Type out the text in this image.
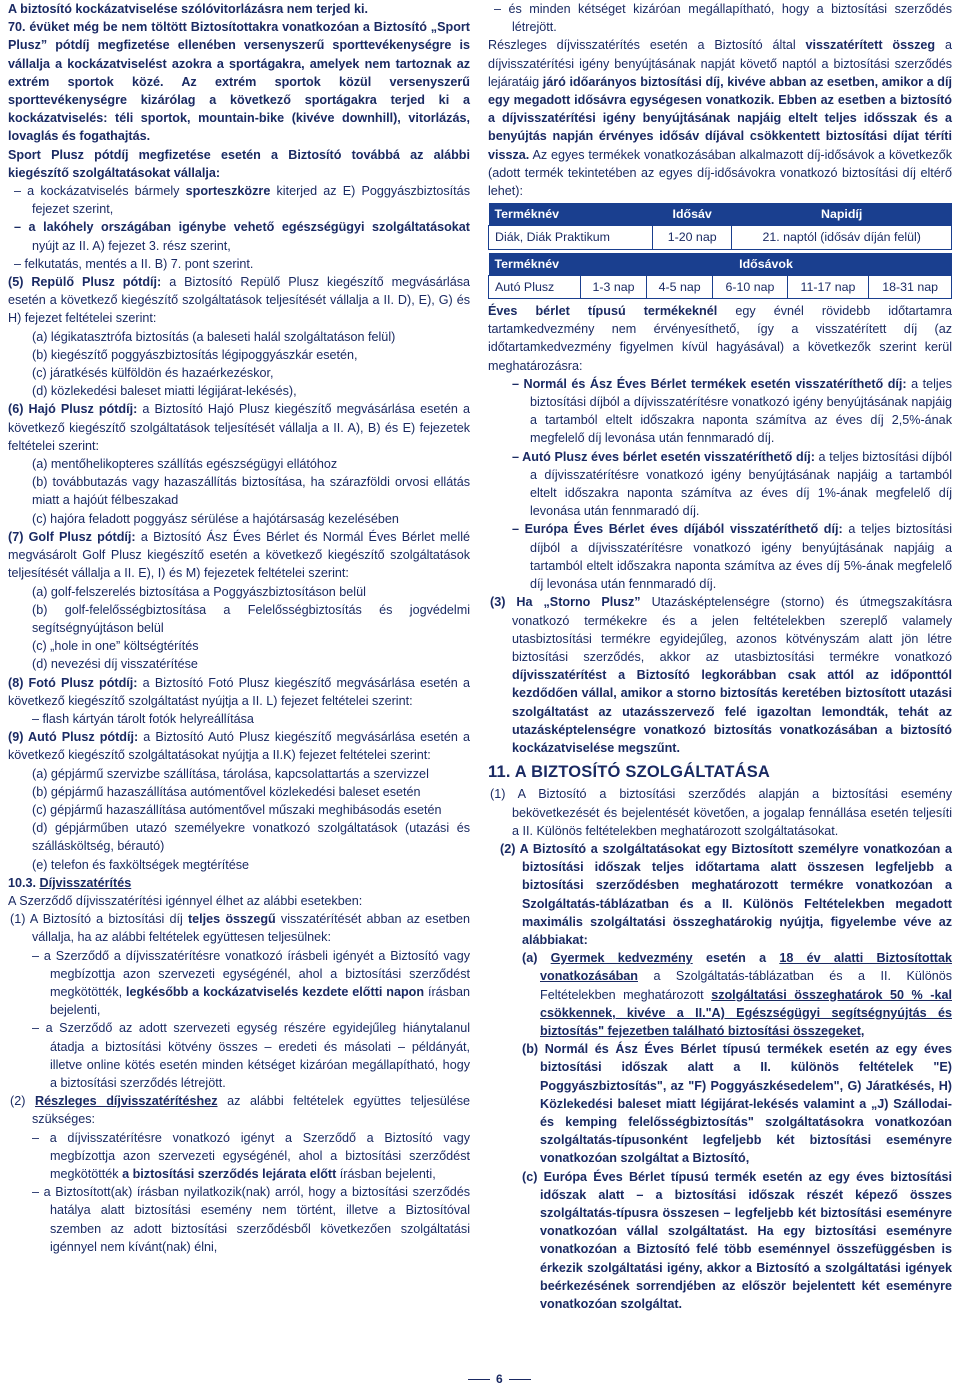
A biztosító kockázatviselése szólóvitorlázásra nem terjed ki.

70. évüket még be nem töltött Biztosítottakra vonatkozóan a Biztosító „Sport Plusz” pótdíj megfizetése ellenében versenyszerű sporttevékenységre is vállalja a kockázatviselést azokra a sportágakra, amelyek nem tartoznak az extrém sportok közé. Az extrém sportok közül versenyszerű sporttevékenységre kizárólag a következő sportágakra terjed ki a kockázatviselés: téli sportok, mountain-bike (kivéve downhill), vitorlázás, lovaglás és fogathajtás.

Sport Plusz pótdíj megfizetése esetén a Biztosító továbbá az alábbi kiegészítő szolgáltatásokat vállalja:

– a kockázatviselés bármely sporteszközre kiterjed az E) Poggyászbiztosítás fejezet szerint,

– a lakóhely országában igénybe vehető egészségügyi szolgáltatásokat nyújt az II. A) fejezet 3. rész szerint,

– felkutatás, mentés a II. B) 7. pont szerint.

(5) Repülő Plusz pótdíj: a Biztosító Repülő Plusz kiegészítő megvásárlása esetén a következő kiegészítő szolgáltatások teljesítését vállalja a II. D), E), G) és H) fejezet feltételei szerint:

(a) légikatasztrófa biztosítás (a baleseti halál szolgáltatáson felül)

(b) kiegészítő poggyászbiztosítás légipoggyászkár esetén,

(c) járatkésés külföldön és hazaérkezéskor,

(d) közlekedési baleset miatti légijárat-lekésés),

(6) Hajó Plusz pótdíj: a Biztosító Hajó Plusz kiegészítő megvásárlása esetén a következő kiegészítő szolgáltatások teljesítését vállalja a II. A), B) és E) fejezetek feltételei szerint:

(a) mentőhelikopteres szállítás egészségügyi ellátóhoz

(b) továbbutazás vagy hazaszállítás biztosítása, ha szárazföldi orvosi ellátás miatt a hajóút félbeszakad

(c) hajóra feladott poggyász sérülése a hajótársaság kezelésében

(7) Golf Plusz pótdíj: a Biztosító Ász Éves Bérlet és Normál Éves Bérlet mellé megvásárolt Golf Plusz kiegészítő esetén a következő kiegészítő szolgáltatások teljesítését vállalja a II. E), I) és M) fejezetek feltételei szerint:

(a) golf-felszerelés biztosítása a Poggyászbiztosításon belül

(b) golf-felelősségbiztosítása a Felelősségbiztosítás és jogvédelmi segítségnyújtáson belül

(c) „hole in one” költségtérítés

(d) nevezési díj visszatérítése

(8) Fotó Plusz pótdíj: a Biztosító Fotó Plusz kiegészítő megvásárlása esetén a következő kiegészítő szolgáltatást nyújtja a II. L) fejezet feltételei szerint:

– flash kártyán tárolt fotók helyreállítása

(9) Autó Plusz pótdíj: a Biztosító Autó Plusz kiegészítő megvásárlása esetén a következő kiegészítő szolgáltatásokat nyújtja a II.K) fejezet feltételei szerint:

(a) gépjármű szervizbe szállítása, tárolása, kapcsolattartás a szervizzel

(b) gépjármű hazaszállítása autómentővel közlekedési baleset esetén

(c) gépjármű hazaszállítása autómentővel műszaki meghibásodás esetén

(d) gépjárműben utazó személyekre vonatkozó szolgáltatások (utazási és szállásköltség, bérautó)

(e) telefon és faxköltségek megtérítése

10.3. Díjvisszatérítés

A Szerződő díjvisszatérítési igénnyel élhet az alábbi esetekben:

(1) A Biztosító a biztosítási díj teljes összegű visszatérítését abban az esetben vállalja, ha az alábbi feltételek együttesen teljesülnek:

– a Szerződő a díjvisszatérítésre vonatkozó írásbeli igényét a Biztosító vagy megbízottja azon szervezeti egységénél, ahol a biztosítási szerződést megkötötték, legkésőbb a kockázatviselés kezdete előtti napon írásban bejelenti,

– a Szerződő az adott szervezeti egység részére egyidejűleg hiánytalanul átadja a biztosítási kötvény összes – eredeti és másolati – példányát, illetve online kötés esetén minden kétséget kizáróan megállapítható, hogy a biztosítási szerződés létrejött.

(2) Részleges díjvisszatérítéshez az alábbi feltételek együttes teljesülése szükséges:

– a díjvisszatérítésre vonatkozó igényt a Szerződő a Biztosító vagy megbízottja azon szervezeti egységénél, ahol a biztosítási szerződést megkötötték a biztosítási szerződés lejárata előtt írásban bejelenti,

– a Biztosított(ak) írásban nyilatkozik(nak) arról, hogy a biztosítási szerződés hatálya alatt biztosítási esemény nem történt, illetve a Biztosítóval szemben az adott biztosítási szerződésből következően szolgáltatási igénnyel nem kívánt(nak) élni,

– és minden kétséget kizáróan megállapítható, hogy a biztosítási szerződés létrejött.

Részleges díjvisszatérítés esetén a Biztosító által visszatérített összeg a díjvisszatérítési igény benyújtásának napját követő naptól a biztosítási szerződés lejáratáig járó időarányos biztosítási díj, kivéve abban az esetben, amikor a díj egy megadott idősávra egységesen vonatkozik. Ebben az esetben a biztosító a díjvisszatérítési igény benyújtásának napjáig eltelt teljes idősszak és a benyújtás napján érvényes idősáv díjával csökkentett biztosítási díjat téríti vissza. Az egyes termékek vonatkozásában alkalmazott díj-idősávok a következők (adott termék tekintetében az egyes díj-idősávokra vonatkozó biztosítási díj eltérő lehet):

Terméknév	Idősáv	Napidíj
Diák, Diák Praktikum	1-20 nap	21. naptól (idősáv díján felül)
Terméknév	Idősávok				
Autó Plusz	1-3 nap	4-5 nap	6-10 nap	11-17 nap	18-31 nap

Éves bérlet típusú termékeknél egy évnél rövidebb időtartamra tartamkedvezmény nem érvényesíthető, így a visszatérített díj (az időtartamkedvezmény figyelmen kívül hagyásával) a következők szerint kerül meghatározásra:

– Normál és Ász Éves Bérlet termékek esetén visszatéríthető díj: a teljes biztosítási díjból a díjvisszatérítésre vonatkozó igény benyújtásának napjáig a tartamból eltelt időszakra naponta számítva az éves díj 2,5%-ának megfelelő díj levonása után fennmaradó díj.

– Autó Plusz éves bérlet esetén visszatéríthető díj: a teljes biztosítási díjból a díjvisszatérítésre vonatkozó igény benyújtásának napjáig a tartamból eltelt időszakra naponta számítva az éves díj 1%-ának megfelelő díj levonása után fennmaradó díj.

– Európa Éves Bérlet éves díjából visszatéríthető díj: a teljes biztosítási díjból a díjvisszatérítésre vonatkozó igény benyújtásának napjáig a tartamból eltelt időszakra naponta számítva az éves díj 5%-ának megfelelő díj levonása után fennmaradó díj.

(3) Ha „Storno Plusz” Utazásképtelenségre (storno) és útmegszakításra vonatkozó termékekre és a jelen feltételekben szereplő valamely utasbiztosítási termékre egyidejűleg, azonos kötvényszám alatt jön létre biztosítási szerződés, akkor az utasbiztosítási termékre vonatkozó díjvisszatérítést a Biztosító legkorábban csak attól az időponttól kezdődően vállal, amikor a storno biztosítás keretében biztosított utazási szolgáltatást az utazásszervező felé igazoltan lemondták, tehát az utazásképtelenségre vonatkozó biztosítás vonatkozásában a biztosító kockázatviselése megszűnt.

11. A BIZTOSÍTÓ SZOLGÁLTATÁSA

(1) A Biztosító a biztosítási szerződés alapján a biztosítási esemény bekövetkezését és bejelentését követően, a jogalap fennállása esetén teljesíti a II. Különös feltételekben meghatározott szolgáltatásokat.

(2) A Biztosító a szolgáltatásokat egy Biztosított személyre vonatkozóan a biztosítási időszak teljes időtartama alatt összesen legfeljebb a biztosítási szerződésben meghatározott termékre vonatkozóan a Szolgáltatás-táblázatban és a II. Különös Feltételekben megadott maximális szolgáltatási összeghatárokig nyújtja, figyelembe véve az alábbiakat:

(a) Gyermek kedvezmény esetén a 18 év alatti Biztosítottak vonatkozásában a Szolgáltatás-táblázatban és a II. Különös Feltételekben meghatározott szolgáltatási összeghatárok 50 % -kal csökkennek, kivéve a II."A) Egészségügyi segítségnyújtás és biztosítás" fejezetben található biztosítási összegeket,

(b) Normál és Ász Éves Bérlet típusú termékek esetén az egy éves biztosítási időszak alatt a II. különös feltételek "E) Poggyászbiztosítás", az "F) Poggyászkésedelem", G) Járatkésés, H) Közlekedési baleset miatt légijárat-lekésés valamint a „J) Szállodai- és kemping felelősségbiztosítás" szolgáltatásokra vonatkozóan szolgáltatás-típusonként legfeljebb két biztosítási eseményre vonatkozóan szolgáltat a Biztosító,

(c) Európa Éves Bérlet típusú termék esetén az egy éves biztosítási időszak alatt – a biztosítási időszak részét képező összes szolgáltatás-típusra összesen – legfeljebb két biztosítási eseményre vonatkozóan vállal szolgáltatást. Ha egy biztosítási eseményre vonatkozóan a Biztosító felé több eseménnyel összefüggésben is érkezik szolgáltatási igény, akkor a Biztosító a szolgáltatási igények beérkezésének sorrendjében az először bejelentett két eseményre vonatkozóan szolgáltat.

6
